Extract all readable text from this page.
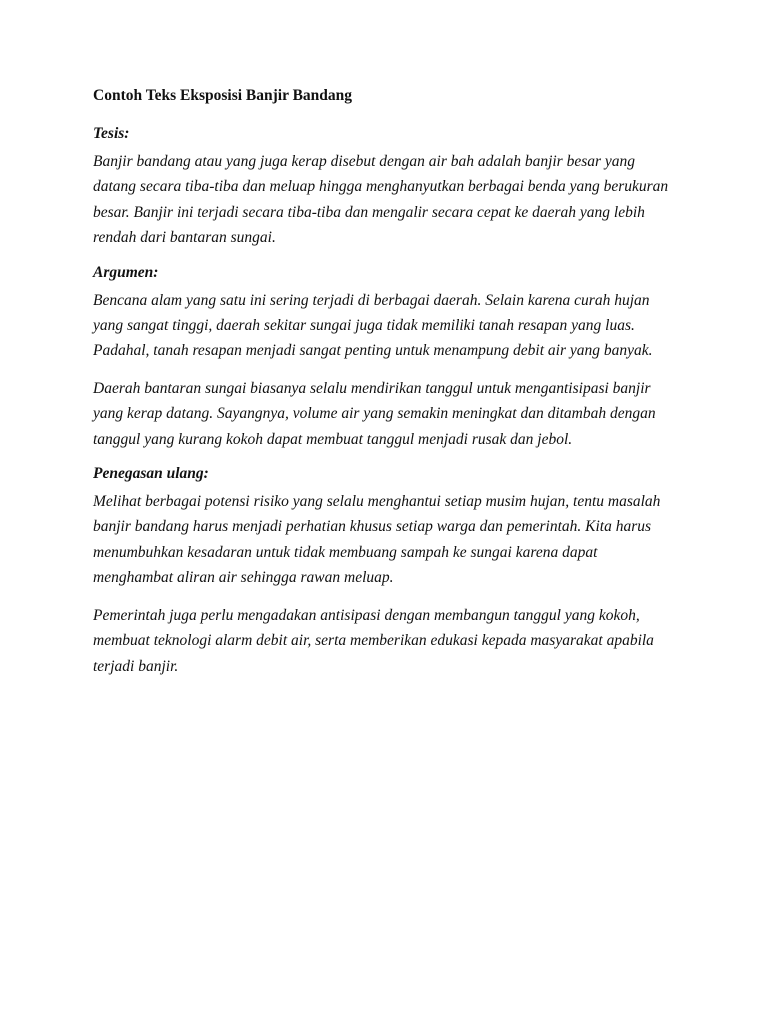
Contoh Teks Eksposisi Banjir Bandang
Tesis:
Banjir bandang atau yang juga kerap disebut dengan air bah adalah banjir besar yang
datang secara tiba-tiba dan meluap hingga menghanyutkan berbagai benda yang berukuran
besar. Banjir ini terjadi secara tiba-tiba dan mengalir secara cepat ke daerah yang lebih
rendah dari bantaran sungai.
Argumen:
Bencana alam yang satu ini sering terjadi di berbagai daerah. Selain karena curah hujan
yang sangat tinggi, daerah sekitar sungai juga tidak memiliki tanah resapan yang luas.
Padahal, tanah resapan menjadi sangat penting untuk menampung debit air yang banyak.
Daerah bantaran sungai biasanya selalu mendirikan tanggul untuk mengantisipasi banjir
yang kerap datang. Sayangnya, volume air yang semakin meningkat dan ditambah dengan
tanggul yang kurang kokoh dapat membuat tanggul menjadi rusak dan jebol.
Penegasan ulang:
Melihat berbagai potensi risiko yang selalu menghantui setiap musim hujan, tentu masalah
banjir bandang harus menjadi perhatian khusus setiap warga dan pemerintah. Kita harus
menumbuhkan kesadaran untuk tidak membuang sampah ke sungai karena dapat
menghambat aliran air sehingga rawan meluap.
Pemerintah juga perlu mengadakan antisipasi dengan membangun tanggul yang kokoh,
membuat teknologi alarm debit air, serta memberikan edukasi kepada masyarakat apabila
terjadi banjir.
